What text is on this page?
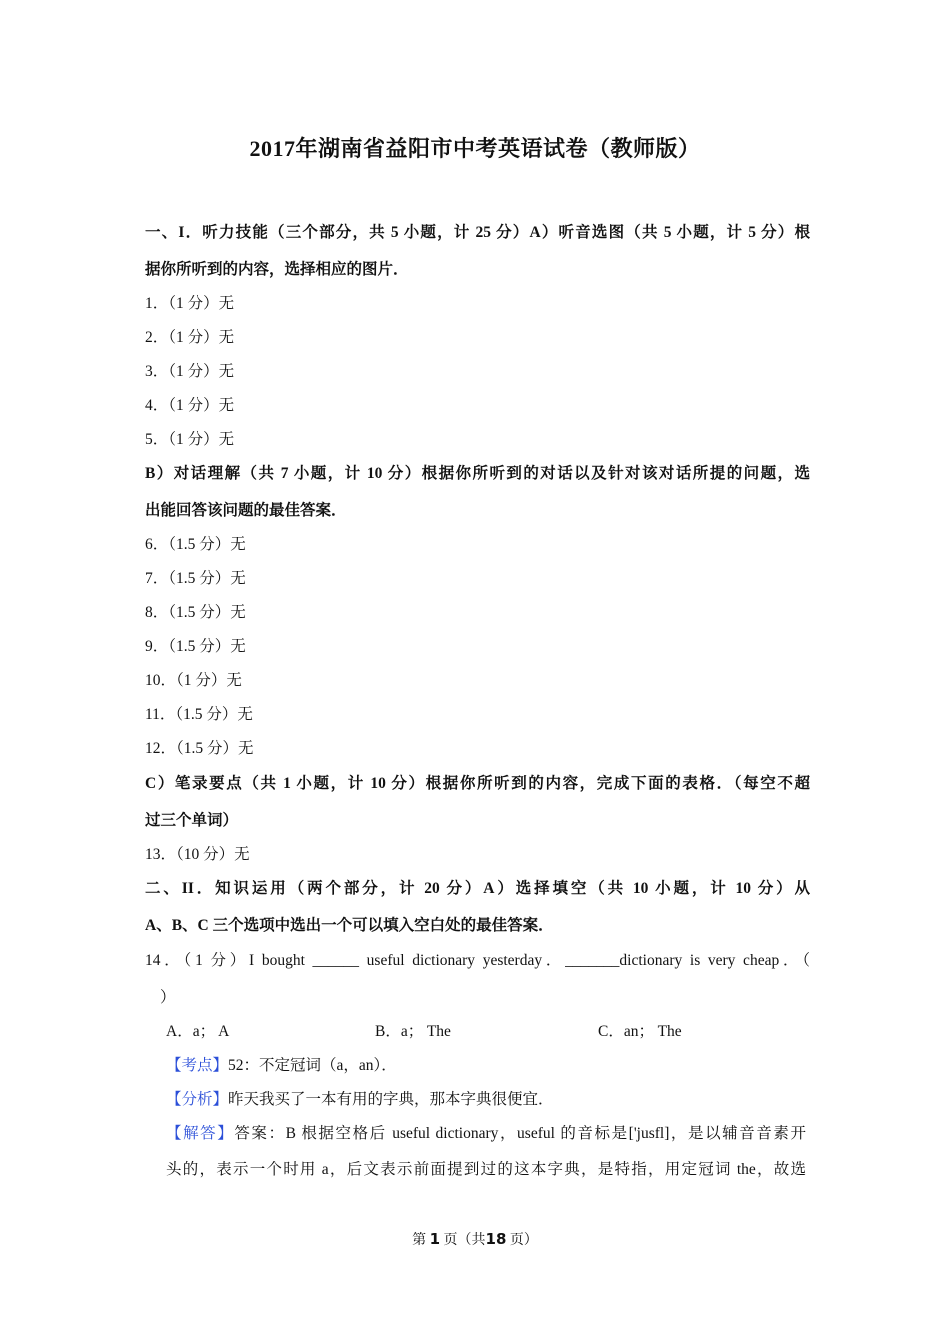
2017年湖南省益阳市中考英语试卷（教师版）
一、I．听力技能（三个部分，共 5 小题，计 25 分）A）听音选图（共 5 小题，计 5 分）根
据你所听到的内容，选择相应的图片．
1．（1 分）无
2．（1 分）无
3．（1 分）无
4．（1 分）无
5．（1 分）无
B）对话理解（共 7 小题，计 10 分）根据你所听到的对话以及针对该对话所提的问题，选
出能回答该问题的最佳答案．
6．（1.5 分）无
7．（1.5 分）无
8．（1.5 分）无
9．（1.5 分）无
10．（1 分）无
11．（1.5 分）无
12．（1.5 分）无
C）笔录要点（共 1 小题，计 10 分）根据你所听到的内容，完成下面的表格．（每空不超
过三个单词）
13．（10 分）无
二、II．知识运用（两个部分，计 20 分）A）选择填空（共 10 小题，计 10 分）从
A、B、C 三个选项中选出一个可以填入空白处的最佳答案．
14．（1 分）I bought ______ useful dictionary yesterday．_______dictionary is very cheap．（
）
A．a； A	B．a； The	C．an； The
【考点】52：不定冠词（a，an）．
【分析】昨天我买了一本有用的字典，那本字典很便宜．
【解答】答案：B 根据空格后 useful dictionary，useful 的音标是['jusfl]，是以辅音音素开
头的，表示一个时用 a，后文表示前面提到过的这本字典，是特指，用定冠词 the，故选
第 1 页（共18 页）
